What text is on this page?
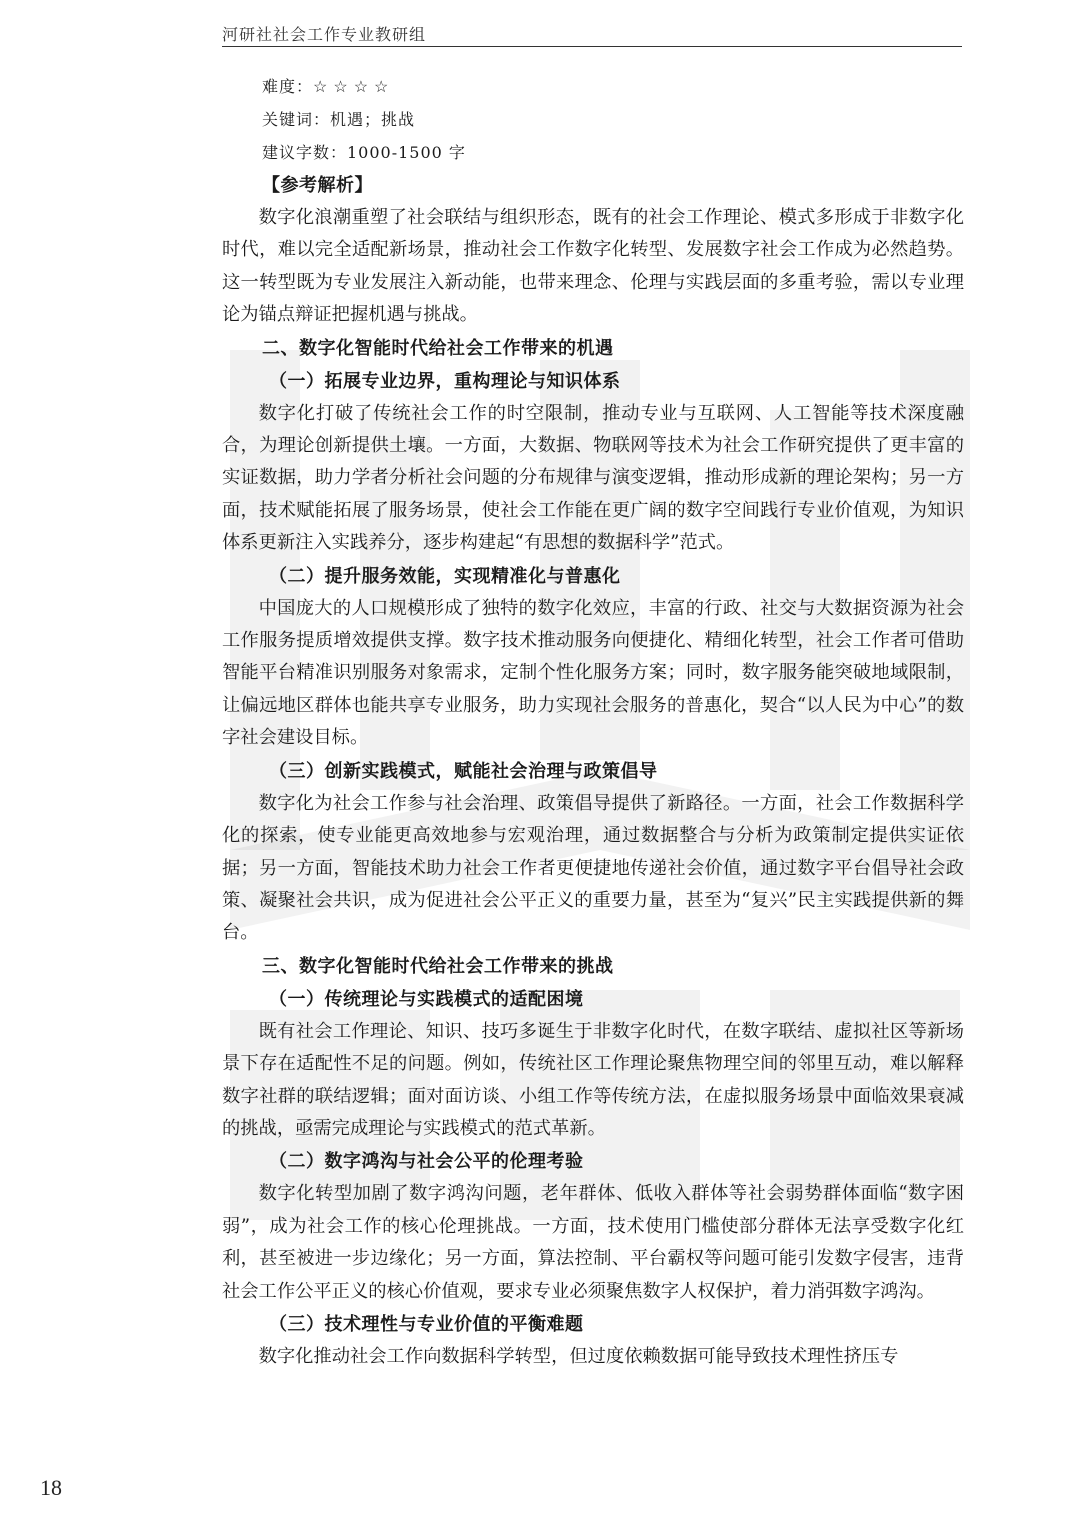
河研社社会工作专业教研组
难度：☆☆☆☆
关键词：机遇；挑战
建议字数：1000-1500 字
【参考解析】

数字化浪潮重塑了社会联结与组织形态，既有的社会工作理论、模式多形成于非数字化时代，难以完全适配新场景，推动社会工作数字化转型、发展数字社会工作成为必然趋势。这一转型既为专业发展注入新动能，也带来理念、伦理与实践层面的多重考验，需以专业理论为锚点辩证把握机遇与挑战。

二、数字化智能时代给社会工作带来的机遇
（一）拓展专业边界，重构理论与知识体系

数字化打破了传统社会工作的时空限制，推动专业与互联网、人工智能等技术深度融合，为理论创新提供土壤。一方面，大数据、物联网等技术为社会工作研究提供了更丰富的实证数据，助力学者分析社会问题的分布规律与演变逻辑，推动形成新的理论架构；另一方面，技术赋能拓展了服务场景，使社会工作能在更广阔的数字空间践行专业价值观，为知识体系更新注入实践养分，逐步构建起“有思想的数据科学”范式。

（二）提升服务效能，实现精准化与普惠化

中国庞大的人口规模形成了独特的数字化效应，丰富的行政、社交与大数据资源为社会工作服务提质增效提供支撑。数字技术推动服务向便捷化、精细化转型，社会工作者可借助智能平台精准识别服务对象需求，定制个性化服务方案；同时，数字服务能突破地域限制，让偏远地区群体也能共享专业服务，助力实现社会服务的普惠化，契合“以人民为中心”的数字社会建设目标。

（三）创新实践模式，赋能社会治理与政策倡导

数字化为社会工作参与社会治理、政策倡导提供了新路径。一方面，社会工作数据科学化的探索，使专业能更高效地参与宏观治理，通过数据整合与分析为政策制定提供实证依据；另一方面，智能技术助力社会工作者更便捷地传递社会价值，通过数字平台倡导社会政策、凝聚社会共识，成为促进社会公平正义的重要力量，甚至为“复兴”民主实践提供新的舞台。

三、数字化智能时代给社会工作带来的挑战
（一）传统理论与实践模式的适配困境

既有社会工作理论、知识、技巧多诞生于非数字化时代，在数字联结、虚拟社区等新场景下存在适配性不足的问题。例如，传统社区工作理论聚焦物理空间的邻里互动，难以解释数字社群的联结逻辑；面对面访谈、小组工作等传统方法，在虚拟服务场景中面临效果衰减的挑战，亟需完成理论与实践模式的范式革新。

（二）数字鸿沟与社会公平的伦理考验

数字化转型加剧了数字鸿沟问题，老年群体、低收入群体等社会弱势群体面临“数字困弱”，成为社会工作的核心伦理挑战。一方面，技术使用门槛使部分群体无法享受数字化红利，甚至被进一步边缘化；另一方面，算法控制、平台霸权等问题可能引发数字侵害，违背社会工作公平正义的核心价值观，要求专业必须聚焦数字人权保护，着力消弭数字鸿沟。

（三）技术理性与专业价值的平衡难题

数字化推动社会工作向数据科学转型，但过度依赖数据可能导致技术理性挤压专

18
